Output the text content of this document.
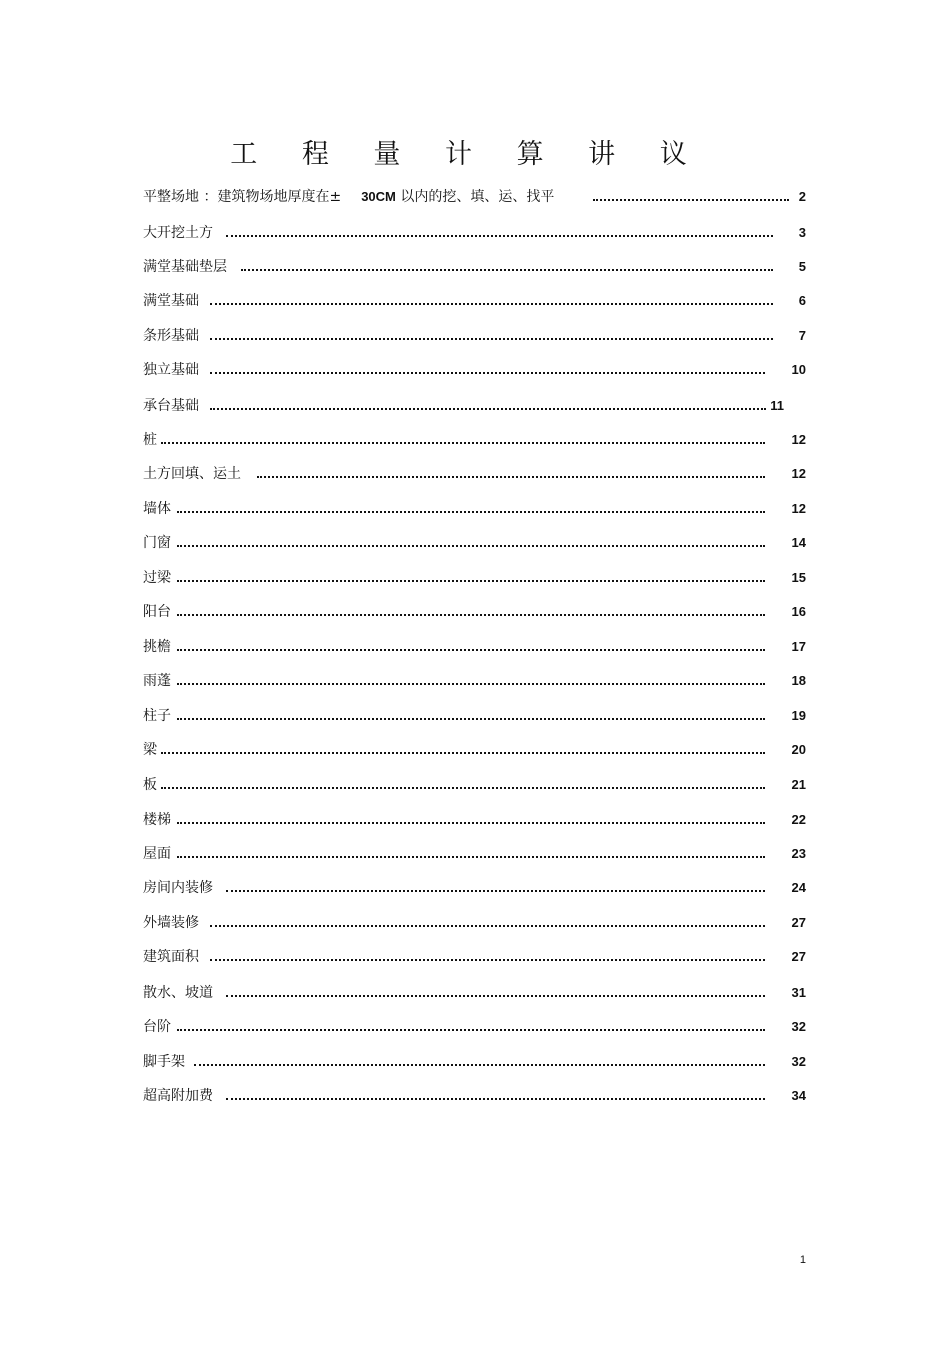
工 程 量 计 算 讲 议
平整场地 ：建筑物场地厚度在± 30CM 以内的挖、填、运、找平	2
大开挖土方	3
满堂基础垫层	5
满堂基础	6
条形基础	7
独立基础	10
承台基础	11
桩	12
土方回填、运土	12
墙体	12
门窗	14
过梁	15
阳台	16
挑檐	17
雨蓬	18
柱子	19
梁	20
板	21
楼梯	22
屋面	23
房间内装修	24
外墙装修	27
建筑面积	27
散水、坡道	31
台阶	32
脚手架	32
超高附加费	34
1
